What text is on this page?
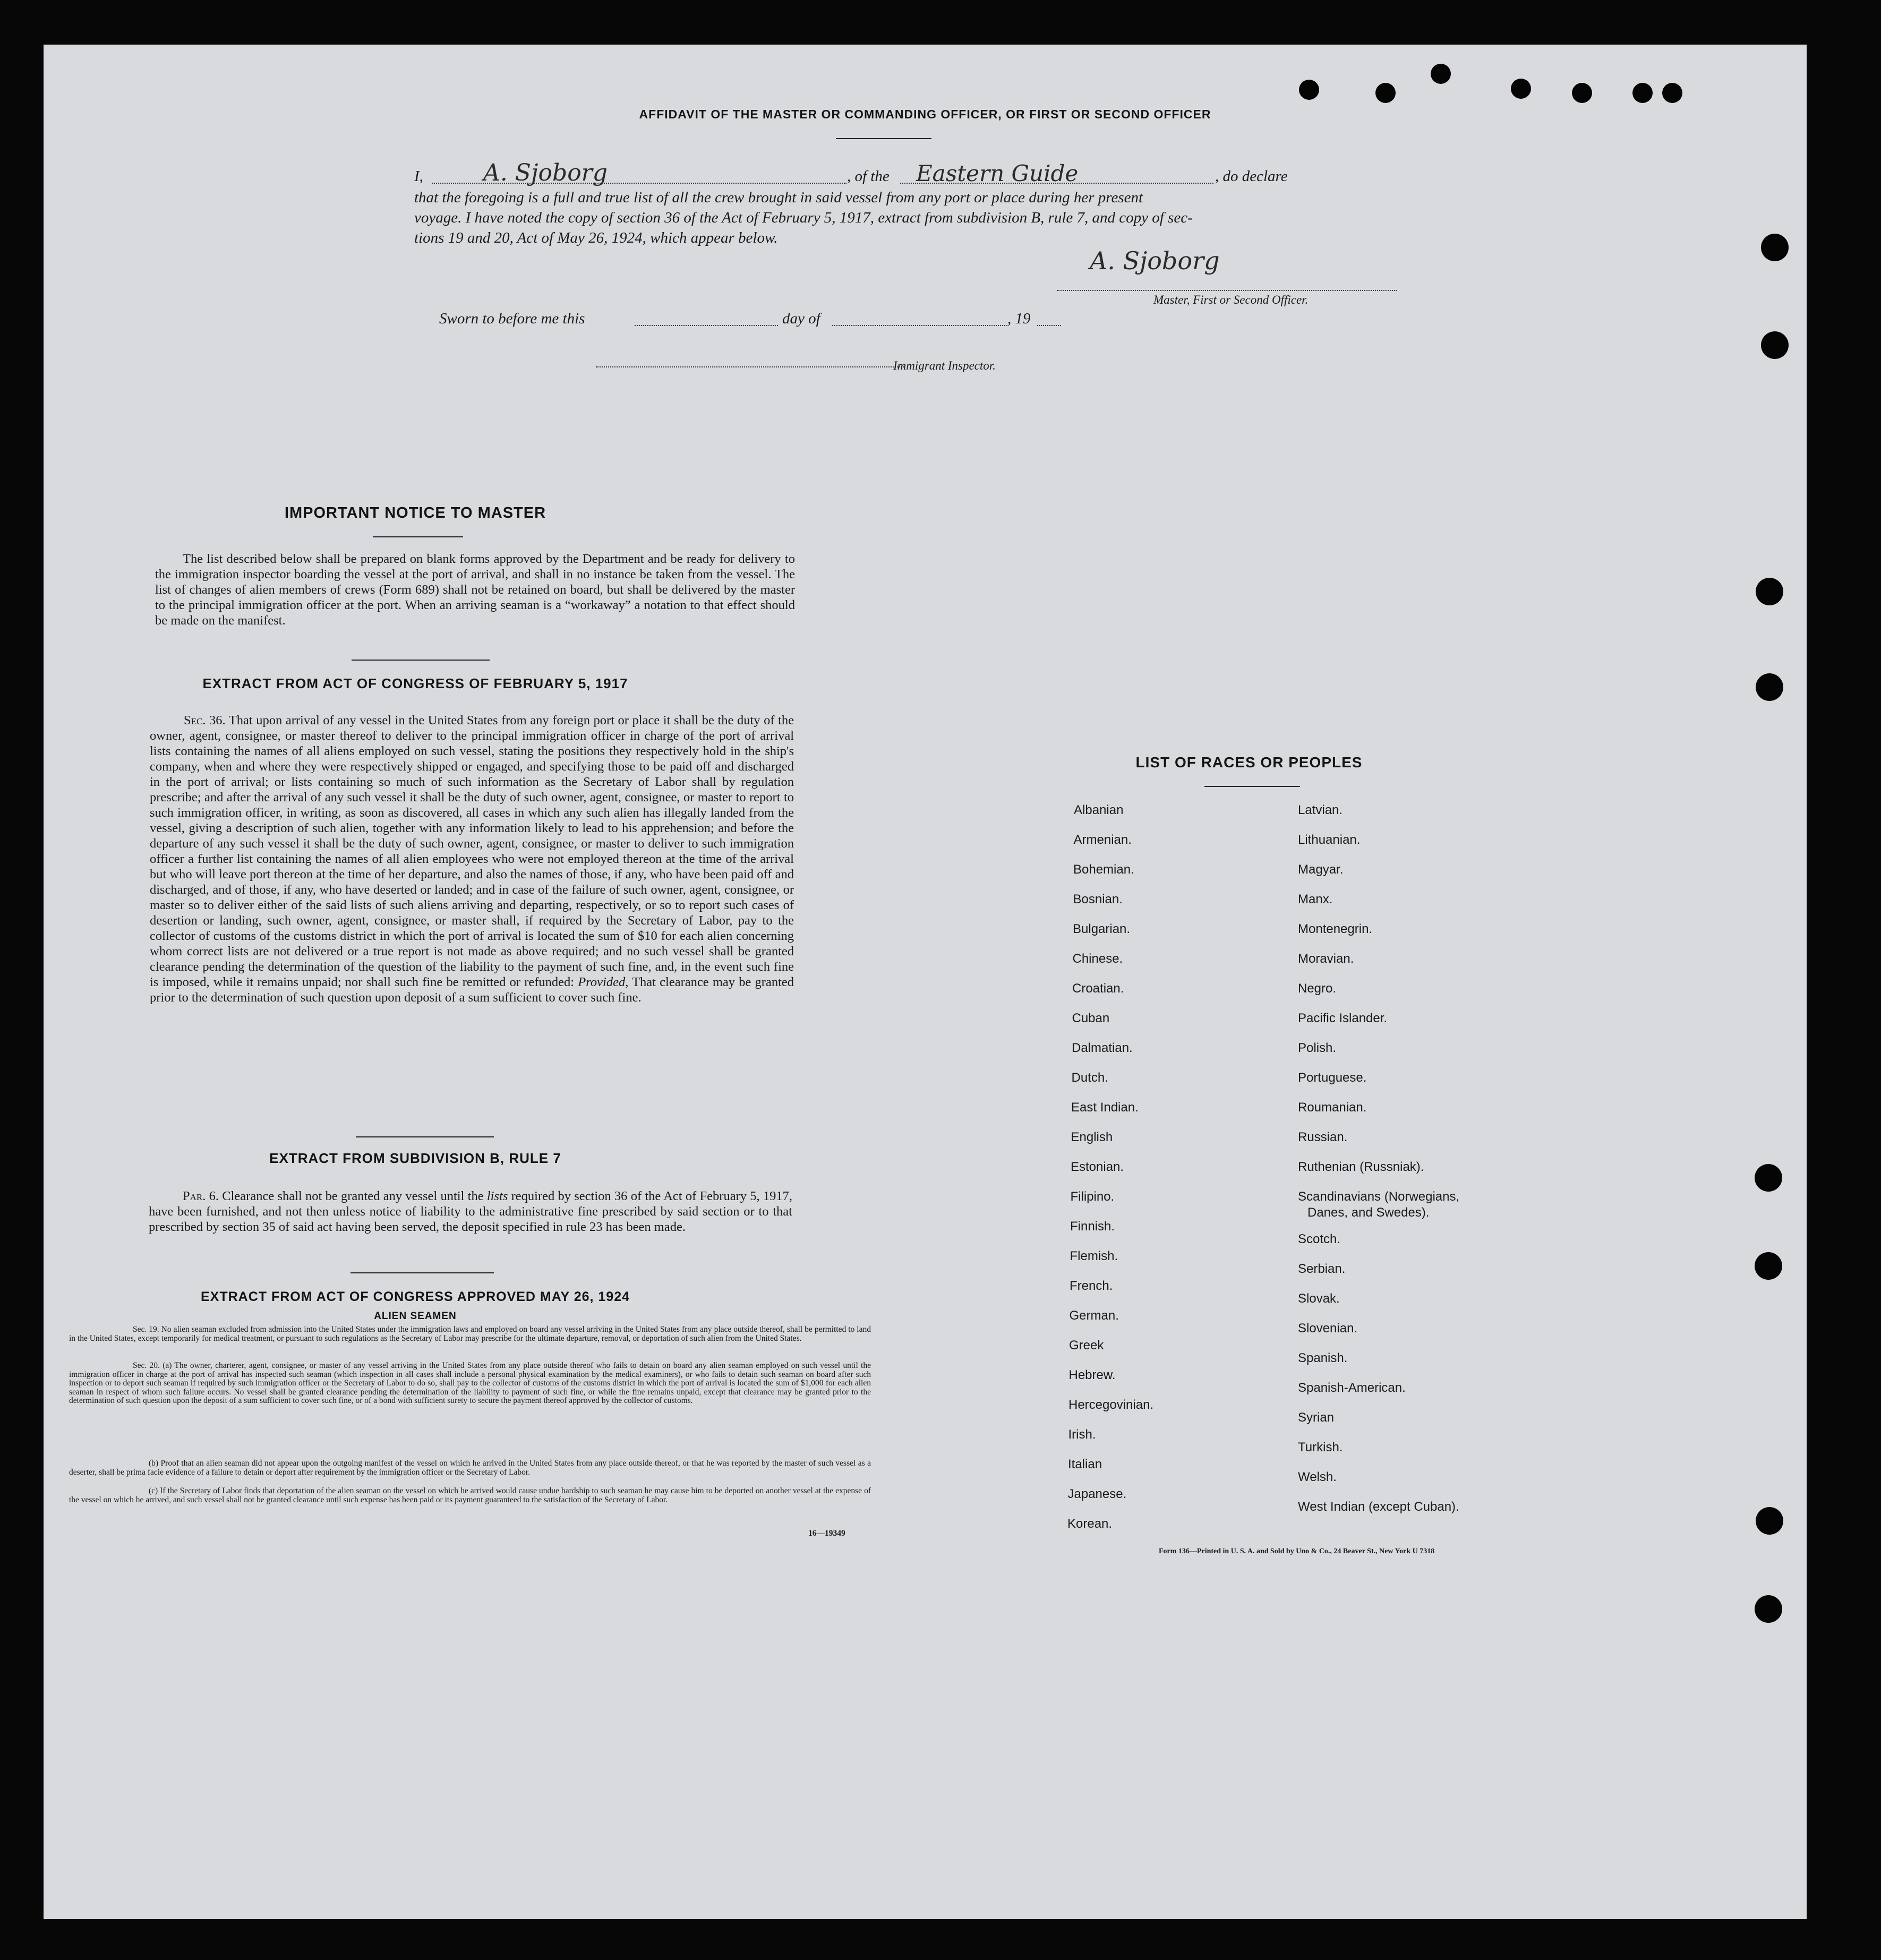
AFFIDAVIT OF THE MASTER OR COMMANDING OFFICER, OR FIRST OR SECOND OFFICER
I,	A. Sjoborg	, of the Eastern Guide	, do declare
that the foregoing is a full and true list of all the crew brought in said vessel from any port or place during her present
voyage. I have noted the copy of section 36 of the Act of February 5, 1917, extract from subdivision B, rule 7, and copy of sec-
tions 19 and 20, Act of May 26, 1924, which appear below.
A. Sjoborg
Master, First or Second Officer.
Sworn to before me this	day of	, 19
Immigrant Inspector.
IMPORTANT NOTICE TO MASTER
The list described below shall be prepared on blank forms approved by the Department and be ready for delivery to the immigration inspector boarding the vessel at the port of arrival, and shall in no instance be taken from the vessel. The list of changes of alien members of crews (Form 689) shall not be retained on board, but shall be delivered by the master to the principal immigration officer at the port. When an arriving seaman is a “workaway” a notation to that effect should be made on the manifest.
EXTRACT FROM ACT OF CONGRESS OF FEBRUARY 5, 1917
Sec. 36. That upon arrival of any vessel in the United States from any foreign port or place it shall be the duty of the owner, agent, consignee, or master thereof to deliver to the principal immigration officer in charge of the port of arrival lists containing the names of all aliens employed on such vessel, stating the positions they respectively hold in the ship's company, when and where they were respectively shipped or engaged, and specifying those to be paid off and discharged in the port of arrival; or lists containing so much of such information as the Secretary of Labor shall by regulation prescribe; and after the arrival of any such vessel it shall be the duty of such owner, agent, consignee, or master to report to such immigration officer, in writing, as soon as discovered, all cases in which any such alien has illegally landed from the vessel, giving a description of such alien, together with any information likely to lead to his apprehension; and before the departure of any such vessel it shall be the duty of such owner, agent, consignee, or master to deliver to such immigration officer a further list containing the names of all alien employees who were not employed thereon at the time of the arrival but who will leave port thereon at the time of her departure, and also the names of those, if any, who have been paid off and discharged, and of those, if any, who have deserted or landed; and in case of the failure of such owner, agent, consignee, or master so to deliver either of the said lists of such aliens arriving and departing, respectively, or so to report such cases of desertion or landing, such owner, agent, consignee, or master shall, if required by the Secretary of Labor, pay to the collector of customs of the customs district in which the port of arrival is located the sum of $10 for each alien concerning whom correct lists are not delivered or a true report is not made as above required; and no such vessel shall be granted clearance pending the determination of the question of the liability to the payment of such fine, and, in the event such fine is imposed, while it remains unpaid; nor shall such fine be remitted or refunded: Provided, That clearance may be granted prior to the determination of such question upon deposit of a sum sufficient to cover such fine.
EXTRACT FROM SUBDIVISION B, RULE 7
Par. 6. Clearance shall not be granted any vessel until the lists required by section 36 of the Act of February 5, 1917, have been furnished, and not then unless notice of liability to the administrative fine prescribed by said section or to that prescribed by section 35 of said act having been served, the deposit specified in rule 23 has been made.
EXTRACT FROM ACT OF CONGRESS APPROVED MAY 26, 1924
ALIEN SEAMEN
Sec. 19. No alien seaman excluded from admission into the United States under the immigration laws and employed on board any vessel arriving in the United States from any place outside thereof, shall be permitted to land in the United States, except temporarily for medical treatment, or pursuant to such regulations as the Secretary of Labor may prescribe for the ultimate departure, removal, or deportation of such alien from the United States.
Sec. 20. (a) The owner, charterer, agent, consignee, or master of any vessel arriving in the United States from any place outside thereof who fails to detain on board any alien seaman employed on such vessel until the immigration officer in charge at the port of arrival has inspected such seaman (which inspection in all cases shall include a personal physical examination by the medical examiners), or who fails to detain such seaman on board after such inspection or to deport such seaman if required by such immigration officer or the Secretary of Labor to do so, shall pay to the collector of customs of the customs district in which the port of arrival is located the sum of $1,000 for each alien seaman in respect of whom such failure occurs. No vessel shall be granted clearance pending the determination of the liability to payment of such fine, or while the fine remains unpaid, except that clearance may be granted prior to the determination of such question upon the deposit of a sum sufficient to cover such fine, or of a bond with sufficient surety to secure the payment thereof approved by the collector of customs.
(b) Proof that an alien seaman did not appear upon the outgoing manifest of the vessel on which he arrived in the United States from any place outside thereof, or that he was reported by the master of such vessel as a deserter, shall be prima facie evidence of a failure to detain or deport after requirement by the immigration officer or the Secretary of Labor.
(c) If the Secretary of Labor finds that deportation of the alien seaman on the vessel on which he arrived would cause undue hardship to such seaman he may cause him to be deported on another vessel at the expense of the vessel on which he arrived, and such vessel shall not be granted clearance until such expense has been paid or its payment guaranteed to the satisfaction of the Secretary of Labor.
16—19349
LIST OF RACES OR PEOPLES
Albanian
Armenian.
Bohemian.
Bosnian.
Bulgarian.
Chinese.
Croatian.
Cuban
Dalmatian.
Dutch.
East Indian.
English
Estonian.
Filipino.
Finnish.
Flemish.
French.
German.
Greek
Hebrew.
Hercegovinian.
Irish.
Italian
Japanese.
Korean.
Latvian.
Lithuanian.
Magyar.
Manx.
Montenegrin.
Moravian.
Negro.
Pacific Islander.
Polish.
Portuguese.
Roumanian.
Russian.
Ruthenian (Russniak).
Scandinavians (Norwegians,
Danes, and Swedes).
Scotch.
Serbian.
Slovak.
Slovenian.
Spanish.
Spanish-American.
Syrian
Turkish.
Welsh.
West Indian (except Cuban).
Form 136—Printed in U. S. A. and Sold by Uno & Co., 24 Beaver St., New York U 7318
